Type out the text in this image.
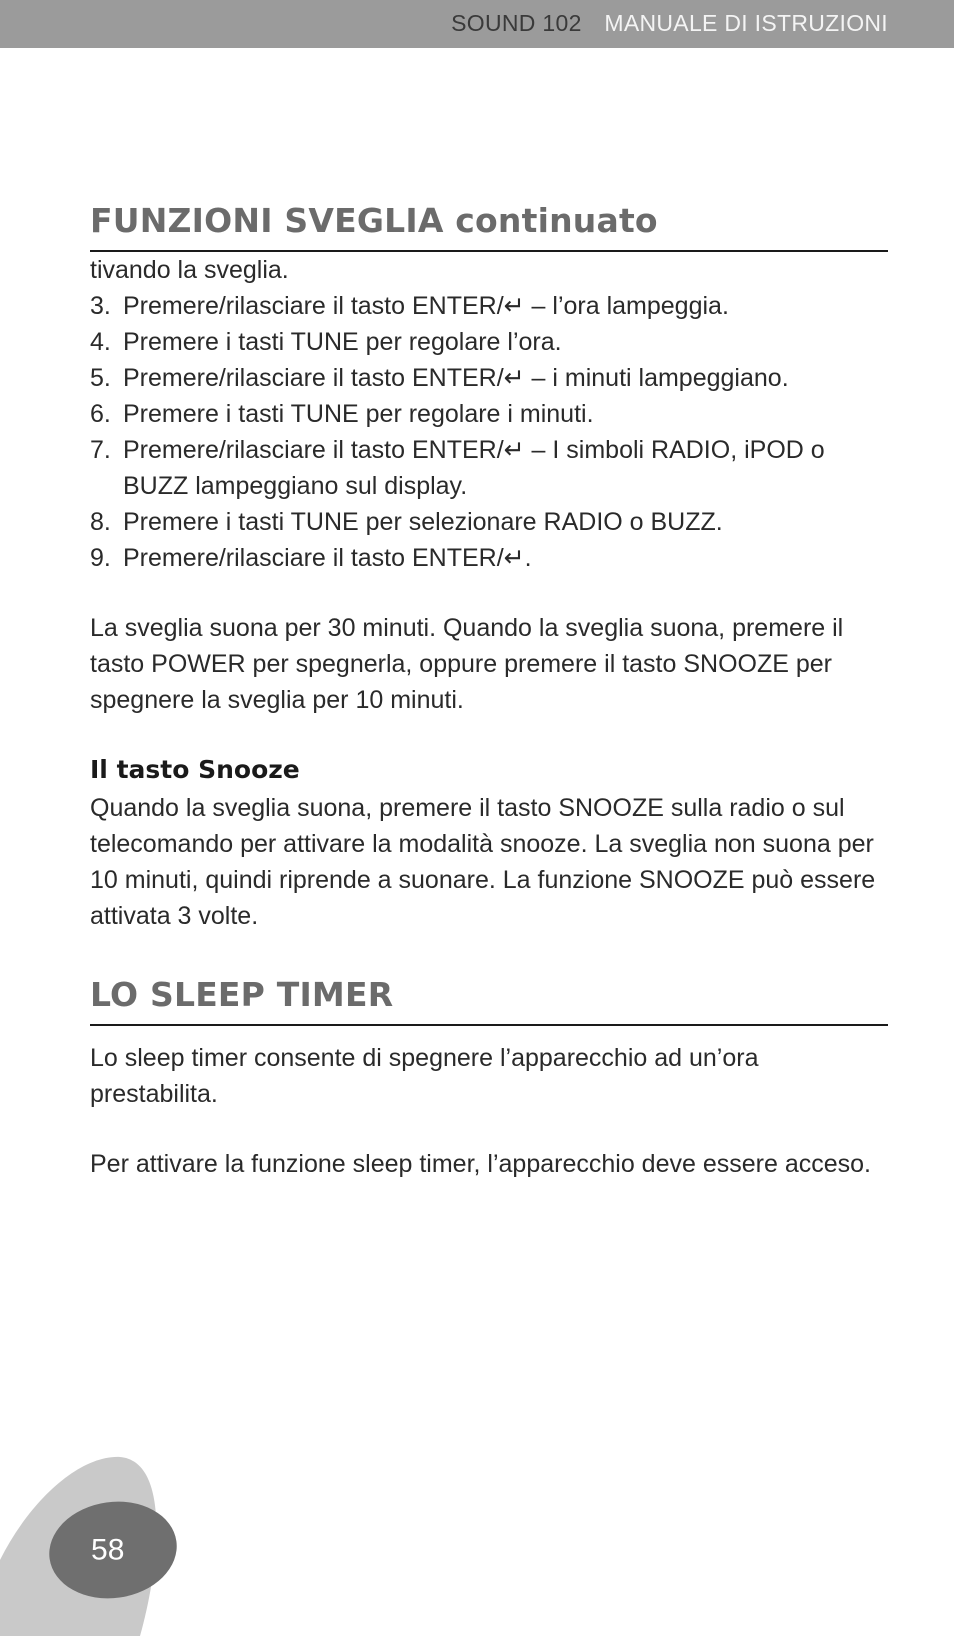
SOUND 102 MANUALE DI ISTRUZIONI
FUNZIONI SVEGLIA continuato
tivando la sveglia.
3. Premere/rilasciare il tasto ENTER/↵ – l’ora lampeggia.
4. Premere i tasti TUNE per regolare l’ora.
5. Premere/rilasciare il tasto ENTER/↵ – i minuti lampeggiano.
6. Premere i tasti TUNE per regolare i minuti.
7. Premere/rilasciare il tasto ENTER/↵ – I simboli RADIO, iPOD o BUZZ lampeggiano sul display.
8. Premere i tasti TUNE per selezionare RADIO o BUZZ.
9. Premere/rilasciare il tasto ENTER/↵.

La sveglia suona per 30 minuti. Quando la sveglia suona, premere il tasto POWER per spegnerla, oppure premere il tasto SNOOZE per spegnere la sveglia per 10 minuti.

Il tasto Snooze

Quando la sveglia suona, premere il tasto SNOOZE sulla radio o sul telecomando per attivare la modalità snooze. La sveglia non suona per 10 minuti, quindi riprende a suonare. La funzione SNOOZE può essere attivata 3 volte.

LO SLEEP TIMER

Lo sleep timer consente di spegnere l’apparecchio ad un’ora prestabilita.

Per attivare la funzione sleep timer, l’apparecchio deve essere acceso.

58
